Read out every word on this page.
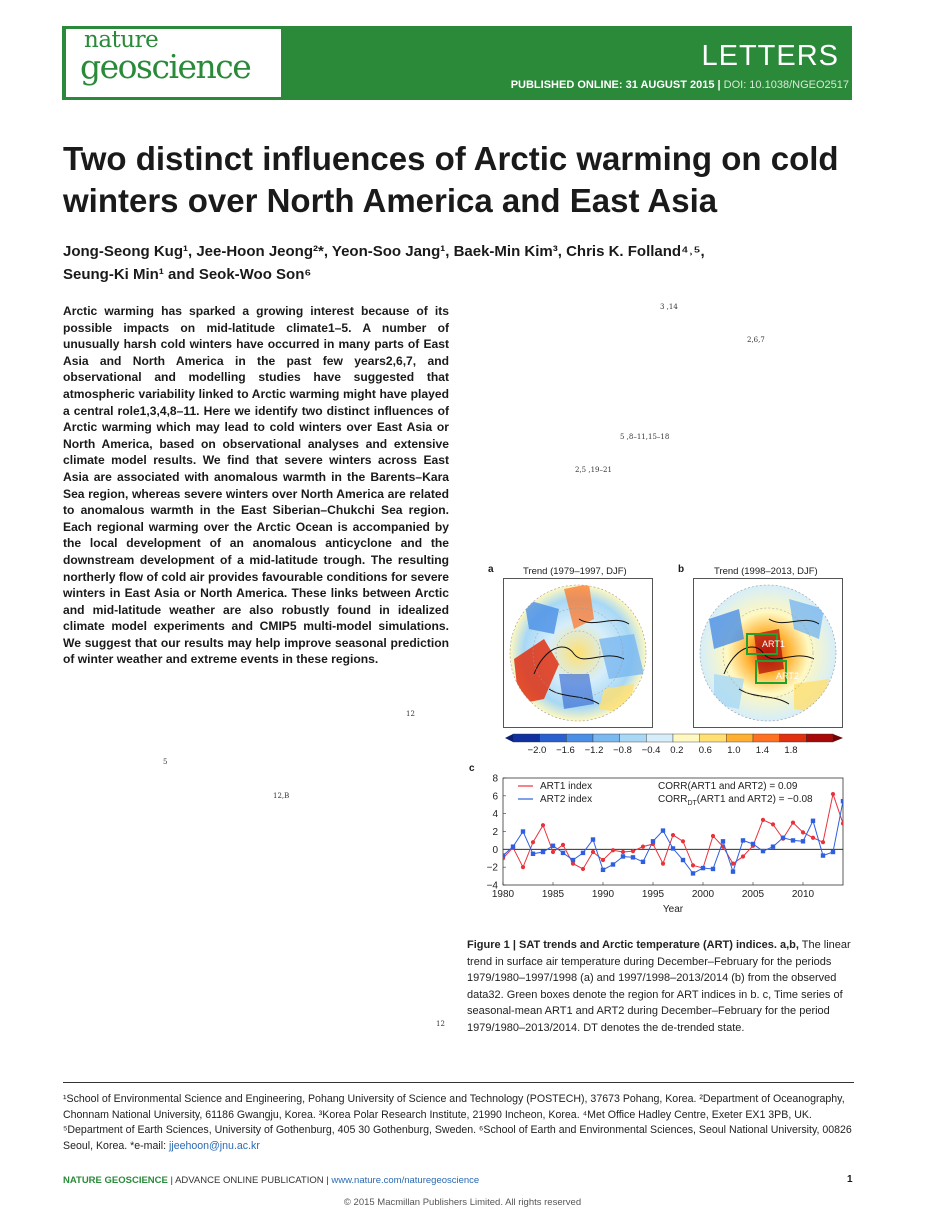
nature
geoscience	LETTERS
PUBLISHED ONLINE: 31 AUGUST 2015 | DOI: 10.1038/NGEO2517
Two distinct influences of Arctic warming on cold winters over North America and East Asia
Jong-Seong Kug¹, Jee-Hoon Jeong²*, Yeon-Soo Jang¹, Baek-Min Kim³, Chris K. Folland⁴˒⁵,
Seung-Ki Min¹ and Seok-Woo Son⁶
Arctic warming has sparked a growing interest because of its possible impacts on mid-latitude climate1–5. A number of unusually harsh cold winters have occurred in many parts of East Asia and North America in the past few years2,6,7, and observational and modelling studies have suggested that atmospheric variability linked to Arctic warming might have played a central role1,3,4,8–11. Here we identify two distinct influences of Arctic warming which may lead to cold winters over East Asia or North America, based on observational analyses and extensive climate model results. We find that severe winters across East Asia are associated with anomalous warmth in the Barents–Kara Sea region, whereas severe winters over North America are related to anomalous warmth in the East Siberian–Chukchi Sea region. Each regional warming over the Arctic Ocean is accompanied by the local development of an anomalous anticyclone and the downstream development of a mid-latitude trough. The resulting northerly flow of cold air provides favourable conditions for severe winters in East Asia or North America. These links between Arctic and mid-latitude weather are also robustly found in idealized climate model experiments and CMIP5 multi-model simulations. We suggest that our results may help improve seasonal prediction of winter weather and extreme events in these regions.
3 ,14
2,6,7
5 ,8–11,15–18
2,5 ,19–21
12
5
12,B
12
a	Trend (1979–1997, DJF)	b	Trend (1998–2013, DJF)
ART1
ART2
−2.0 −1.6 −1.2 −0.8 −0.4 0.2 0.6 1.0 1.4 1.8
c
−4
−2
0
2
4
6
8
1980	1985	1990	1995	2000	2005	2010
Year
ART1 index
ART2 index
CORR(ART1 and ART2) = 0.09
$CORR_{DT}(ART1$ and ART2) = −0.08
Figure 1 | SAT trends and Arctic temperature (ART) indices. a,b, The linear trend in surface air temperature during December–February for the periods 1979/1980–1997/1998 (a) and 1997/1998–2013/2014 (b) from the observed data32. Green boxes denote the region for ART indices in b. c, Time series of seasonal-mean ART1 and ART2 during December–February for the period 1979/1980–2013/2014. DT denotes the de-trended state.
¹School of Environmental Science and Engineering, Pohang University of Science and Technology (POSTECH), 37673 Pohang, Korea. ²Department of Oceanography, Chonnam National University, 61186 Gwangju, Korea. ³Korea Polar Research Institute, 21990 Incheon, Korea. ⁴Met Office Hadley Centre, Exeter EX1 3PB, UK. ⁵Department of Earth Sciences, University of Gothenburg, 405 30 Gothenburg, Sweden. ⁶School of Earth and Environmental Sciences, Seoul National University, 00826 Seoul, Korea. *e-mail: jjeehoon@jnu.ac.kr
NATURE GEOSCIENCE | ADVANCE ONLINE PUBLICATION | www.nature.com/naturegeoscience	1
© 2015 Macmillan Publishers Limited. All rights reserved
